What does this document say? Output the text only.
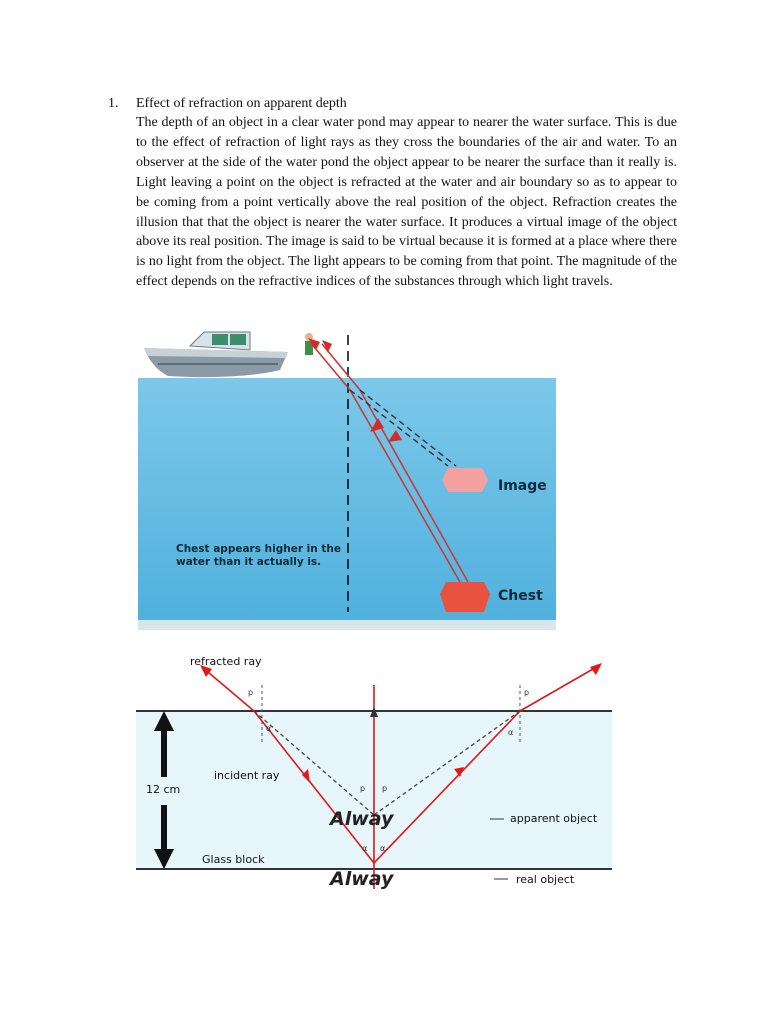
1. Effect of refraction on apparent depth

The depth of an object in a clear water pond may appear to nearer the water surface. This is due to the effect of refraction of light rays as they cross the boundaries of the air and water. To an observer at the side of the water pond the object appear to be nearer the surface than it really is. Light leaving a point on the object is refracted at the water and air boundary so as to appear to be coming from a point vertically above the real position of the object. Refraction creates the illusion that that the object is nearer the water surface. It produces a virtual image of the object above its real position. The image is said to be virtual because it is formed at a place where there is no light from the object. The light appears to be coming from that point. The magnitude of the effect depends on the refractive indices of the substances through which light travels.

Image
Chest
Chest appears higher in the
water than it actually is.
p
α
p
α
p p
α α
Alway
Alway
refracted ray
incident ray
12 cm
Glass block
apparent object
real object
